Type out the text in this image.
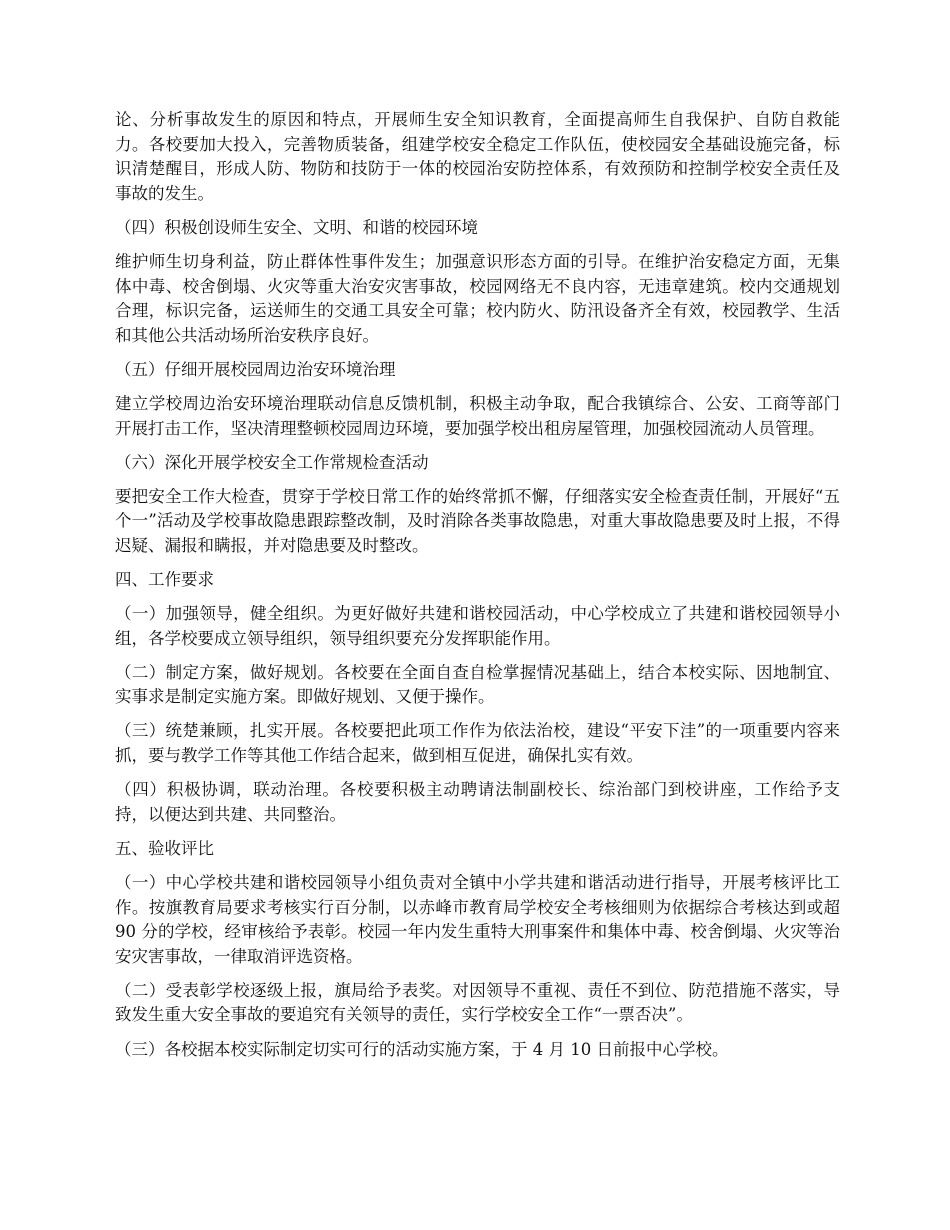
论、分析事故发生的原因和特点，开展师生安全知识教育，全面提高师生自我保护、自防自救能力。各校要加大投入，完善物质装备，组建学校安全稳定工作队伍，使校园安全基础设施完备，标识清楚醒目，形成人防、物防和技防于一体的校园治安防控体系，有效预防和控制学校安全责任及事故的发生。

（四）积极创设师生安全、文明、和谐的校园环境

维护师生切身利益，防止群体性事件发生；加强意识形态方面的引导。在维护治安稳定方面，无集体中毒、校舍倒塌、火灾等重大治安灾害事故，校园网络无不良内容，无违章建筑。校内交通规划合理，标识完备，运送师生的交通工具安全可靠；校内防火、防汛设备齐全有效，校园教学、生活和其他公共活动场所治安秩序良好。

（五）仔细开展校园周边治安环境治理

建立学校周边治安环境治理联动信息反馈机制，积极主动争取，配合我镇综合、公安、工商等部门开展打击工作，坚决清理整顿校园周边环境，要加强学校出租房屋管理，加强校园流动人员管理。

（六）深化开展学校安全工作常规检查活动

要把安全工作大检查，贯穿于学校日常工作的始终常抓不懈，仔细落实安全检查责任制，开展好“五个一”活动及学校事故隐患跟踪整改制，及时消除各类事故隐患，对重大事故隐患要及时上报，不得迟疑、漏报和瞒报，并对隐患要及时整改。

四、工作要求

（一）加强领导，健全组织。为更好做好共建和谐校园活动，中心学校成立了共建和谐校园领导小组，各学校要成立领导组织，领导组织要充分发挥职能作用。

（二）制定方案，做好规划。各校要在全面自查自检掌握情况基础上，结合本校实际、因地制宜、实事求是制定实施方案。即做好规划、又便于操作。

（三）统楚兼顾，扎实开展。各校要把此项工作作为依法治校，建设“平安下洼”的一项重要内容来抓，要与教学工作等其他工作结合起来，做到相互促进，确保扎实有效。

（四）积极协调，联动治理。各校要积极主动聘请法制副校长、综治部门到校讲座，工作给予支持，以便达到共建、共同整治。

五、验收评比

（一）中心学校共建和谐校园领导小组负责对全镇中小学共建和谐活动进行指导，开展考核评比工作。按旗教育局要求考核实行百分制，以赤峰市教育局学校安全考核细则为依据综合考核达到或超 90 分的学校，经审核给予表彰。校园一年内发生重特大刑事案件和集体中毒、校舍倒塌、火灾等治安灾害事故，一律取消评选资格。

（二）受表彰学校逐级上报，旗局给予表奖。对因领导不重视、责任不到位、防范措施不落实，导致发生重大安全事故的要追究有关领导的责任，实行学校安全工作“一票否决”。

（三）各校据本校实际制定切实可行的活动实施方案，于 4 月 10 日前报中心学校。
